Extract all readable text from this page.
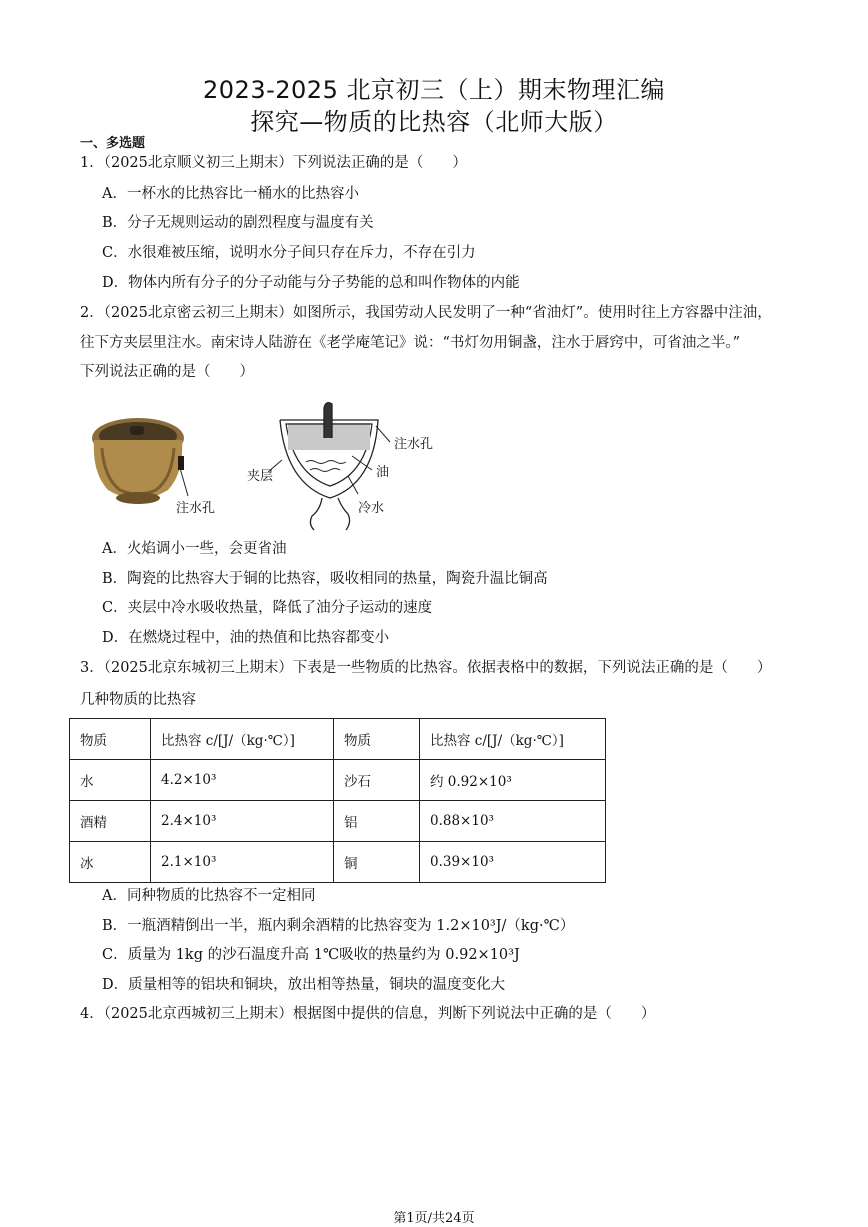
2023-2025 北京初三（上）期末物理汇编
探究—物质的比热容（北师大版）
一、多选题
1．（2025北京顺义初三上期末）下列说法正确的是（　　）
A．一杯水的比热容比一桶水的比热容小
B．分子无规则运动的剧烈程度与温度有关
C．水很难被压缩，说明水分子间只存在斥力，不存在引力
D．物体内所有分子的分子动能与分子势能的总和叫作物体的内能
2．（2025北京密云初三上期末）如图所示，我国劳动人民发明了一种“省油灯”。使用时往上方容器中注油，
往下方夹层里注水。南宋诗人陆游在《老学庵笔记》说：“书灯勿用铜盏，注水于唇窍中，可省油之半。”
下列说法正确的是（　　）
注水孔
注水孔
夹层	油
冷水
A．火焰调小一些，会更省油
B．陶瓷的比热容大于铜的比热容，吸收相同的热量，陶瓷升温比铜高
C．夹层中冷水吸收热量，降低了油分子运动的速度
D．在燃烧过程中，油的热值和比热容都变小
3．（2025北京东城初三上期末）下表是一些物质的比热容。依据表格中的数据，下列说法正确的是（　　）
几种物质的比热容
物质	比热容 c/[J/（kg·℃）]	物质	比热容 c/[J/（kg·℃）]
水	4.2×10³	沙石	约 0.92×10³
酒精	2.4×10³	铝	0.88×10³
冰	2.1×10³	铜	0.39×10³
A．同种物质的比热容不一定相同
B．一瓶酒精倒出一半，瓶内剩余酒精的比热容变为 1.2×10³J/（kg·℃）
C．质量为 1kg 的沙石温度升高 1℃吸收的热量约为 0.92×10³J
D．质量相等的铝块和铜块，放出相等热量，铜块的温度变化大
4．（2025北京西城初三上期末）根据图中提供的信息，判断下列说法中正确的是（　　）
第1页/共24页
